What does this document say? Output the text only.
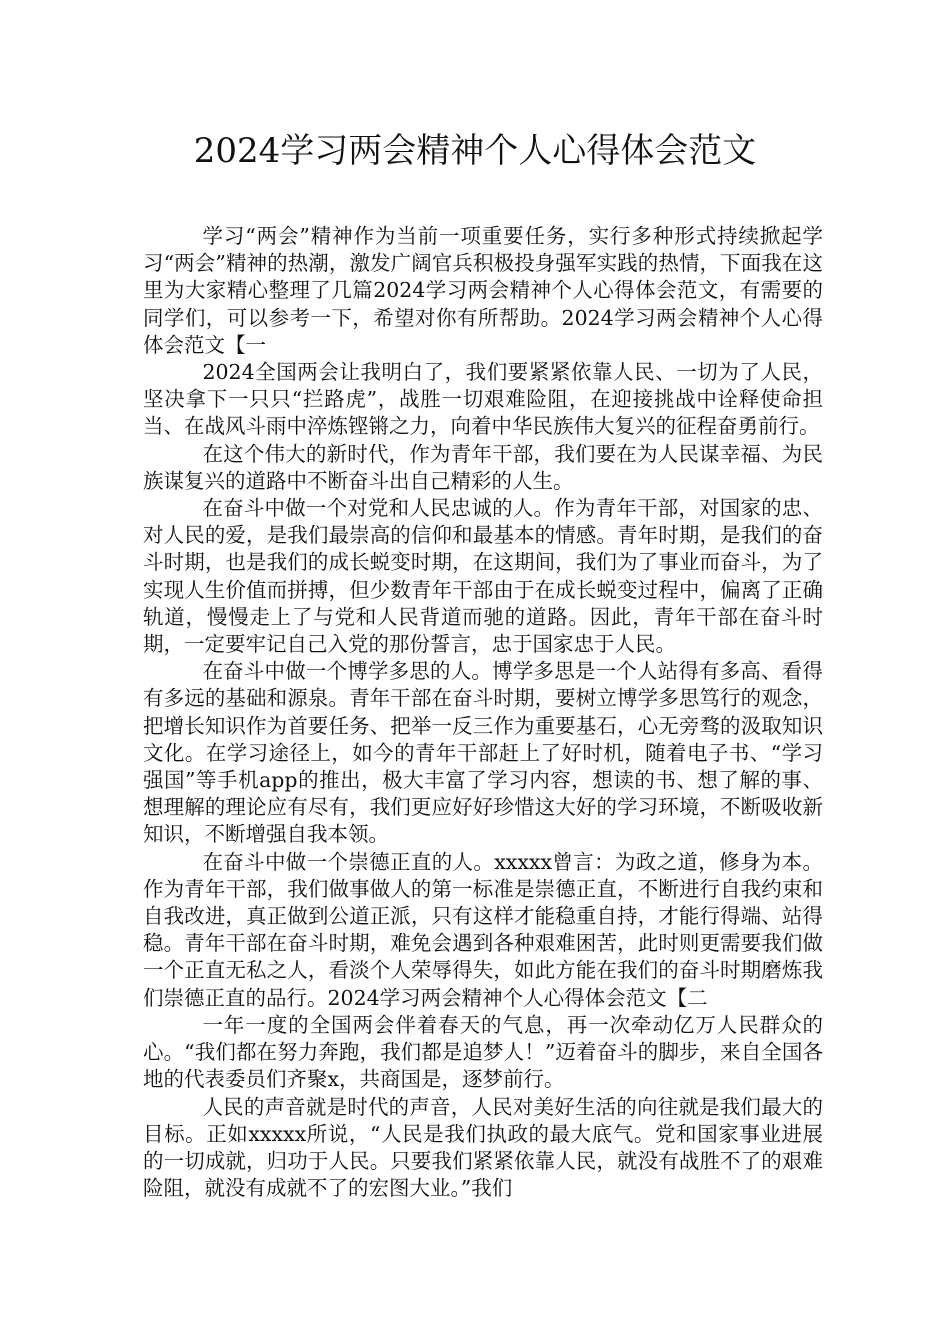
2024学习两会精神个人心得体会范文

学习“两会”精神作为当前一项重要任务，实行多种形式持续掀起学习“两会”精神的热潮，激发广阔官兵积极投身强军实践的热情，下面我在这里为大家精心整理了几篇2024学习两会精神个人心得体会范文，有需要的同学们，可以参考一下，希望对你有所帮助。2024学习两会精神个人心得体会范文【一

2024全国两会让我明白了，我们要紧紧依靠人民、一切为了人民，坚决拿下一只只“拦路虎”，战胜一切艰难险阻，在迎接挑战中诠释使命担当、在战风斗雨中淬炼铿锵之力，向着中华民族伟大复兴的征程奋勇前行。

在这个伟大的新时代，作为青年干部，我们要在为人民谋幸福、为民族谋复兴的道路中不断奋斗出自己精彩的人生。

在奋斗中做一个对党和人民忠诚的人。作为青年干部，对国家的忠、对人民的爱，是我们最崇高的信仰和最基本的情感。青年时期，是我们的奋斗时期，也是我们的成长蜕变时期，在这期间，我们为了事业而奋斗，为了实现人生价值而拼搏，但少数青年干部由于在成长蜕变过程中，偏离了正确轨道，慢慢走上了与党和人民背道而驰的道路。因此，青年干部在奋斗时期，一定要牢记自己入党的那份誓言，忠于国家忠于人民。

在奋斗中做一个博学多思的人。博学多思是一个人站得有多高、看得有多远的基础和源泉。青年干部在奋斗时期，要树立博学多思笃行的观念，把增长知识作为首要任务、把举一反三作为重要基石，心无旁骛的汲取知识文化。在学习途径上，如今的青年干部赶上了好时机，随着电子书、“学习强国”等手机app的推出，极大丰富了学习内容，想读的书、想了解的事、想理解的理论应有尽有，我们更应好好珍惜这大好的学习环境，不断吸收新知识，不断增强自我本领。

在奋斗中做一个崇德正直的人。xxxxx曾言：为政之道，修身为本。作为青年干部，我们做事做人的第一标准是崇德正直，不断进行自我约束和自我改进，真正做到公道正派，只有这样才能稳重自持，才能行得端、站得稳。青年干部在奋斗时期，难免会遇到各种艰难困苦，此时则更需要我们做一个正直无私之人，看淡个人荣辱得失，如此方能在我们的奋斗时期磨炼我们崇德正直的品行。2024学习两会精神个人心得体会范文【二

一年一度的全国两会伴着春天的气息，再一次牵动亿万人民群众的心。“我们都在努力奔跑，我们都是追梦人！”迈着奋斗的脚步，来自全国各地的代表委员们齐聚x，共商国是，逐梦前行。

人民的声音就是时代的声音，人民对美好生活的向往就是我们最大的目标。正如xxxxx所说，“人民是我们执政的最大底气。党和国家事业进展的一切成就，归功于人民。只要我们紧紧依靠人民，就没有战胜不了的艰难险阻，就没有成就不了的宏图大业。”我们
